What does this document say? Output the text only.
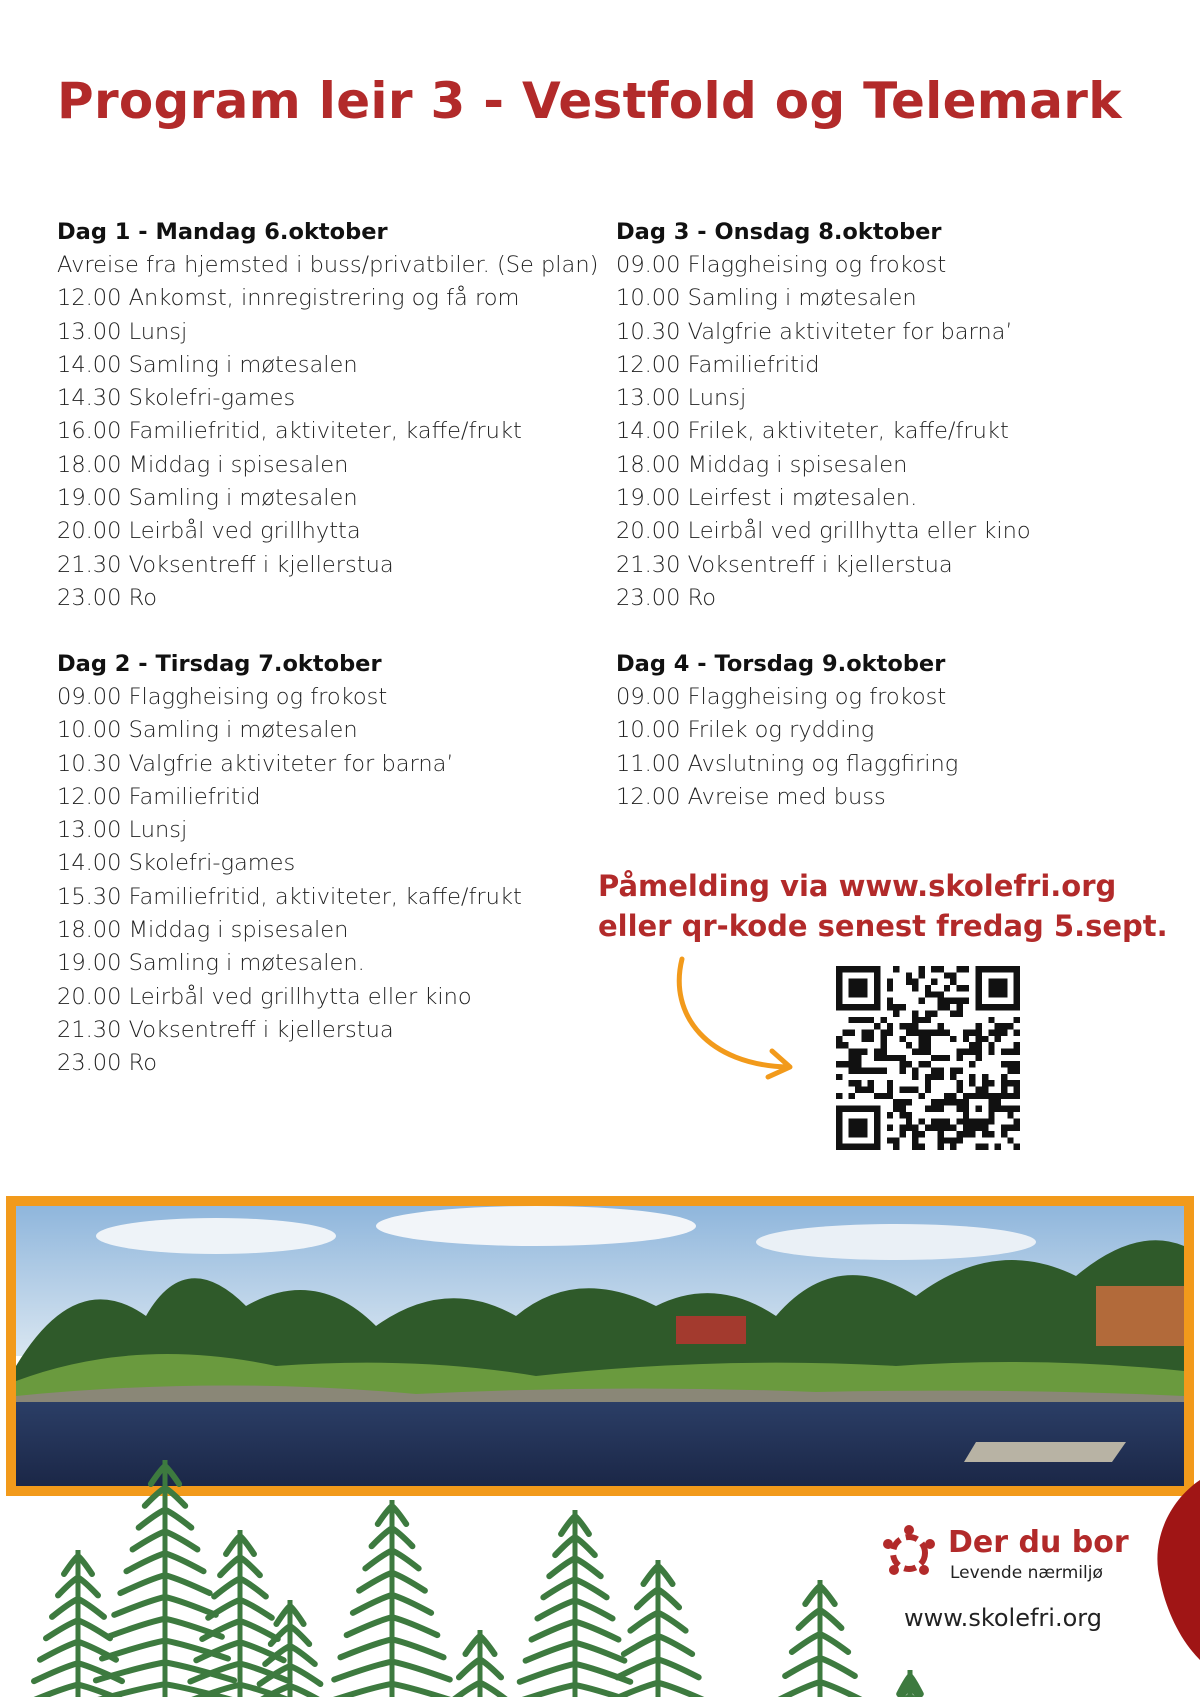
Program leir 3 - Vestfold og Telemark
Dag 1 - Mandag 6.oktober
Avreise fra hjemsted i buss/privatbiler. (Se plan)
12.00 Ankomst, innregistrering og få rom
13.00 Lunsj
14.00 Samling i møtesalen
14.30 Skolefri-games
16.00 Familiefritid, aktiviteter, kaffe/frukt
18.00 Middag i spisesalen
19.00 Samling i møtesalen
20.00 Leirbål ved grillhytta
21.30 Voksentreff i kjellerstua
23.00 Ro
Dag 2 - Tirsdag 7.oktober
09.00 Flaggheising og frokost
10.00 Samling i møtesalen
10.30 Valgfrie aktiviteter for barna’
12.00 Familiefritid
13.00 Lunsj
14.00 Skolefri-games
15.30 Familiefritid, aktiviteter, kaffe/frukt
18.00 Middag i spisesalen
19.00 Samling i møtesalen.
20.00 Leirbål ved grillhytta eller kino
21.30 Voksentreff i kjellerstua
23.00 Ro
Dag 3 - Onsdag 8.oktober
09.00 Flaggheising og frokost
10.00 Samling i møtesalen
10.30 Valgfrie aktiviteter for barna’
12.00 Familiefritid
13.00 Lunsj
14.00 Frilek, aktiviteter, kaffe/frukt
18.00 Middag i spisesalen
19.00 Leirfest i møtesalen.
20.00 Leirbål ved grillhytta eller kino
21.30 Voksentreff i kjellerstua
23.00 Ro
Dag 4 - Torsdag 9.oktober
09.00 Flaggheising og frokost
10.00 Frilek og rydding
11.00 Avslutning og flaggfiring
12.00 Avreise med buss
Påmelding via www.skolefri.org
eller qr-kode senest fredag 5.sept.
Der du bor
Levende nærmiljø
www.skolefri.org
